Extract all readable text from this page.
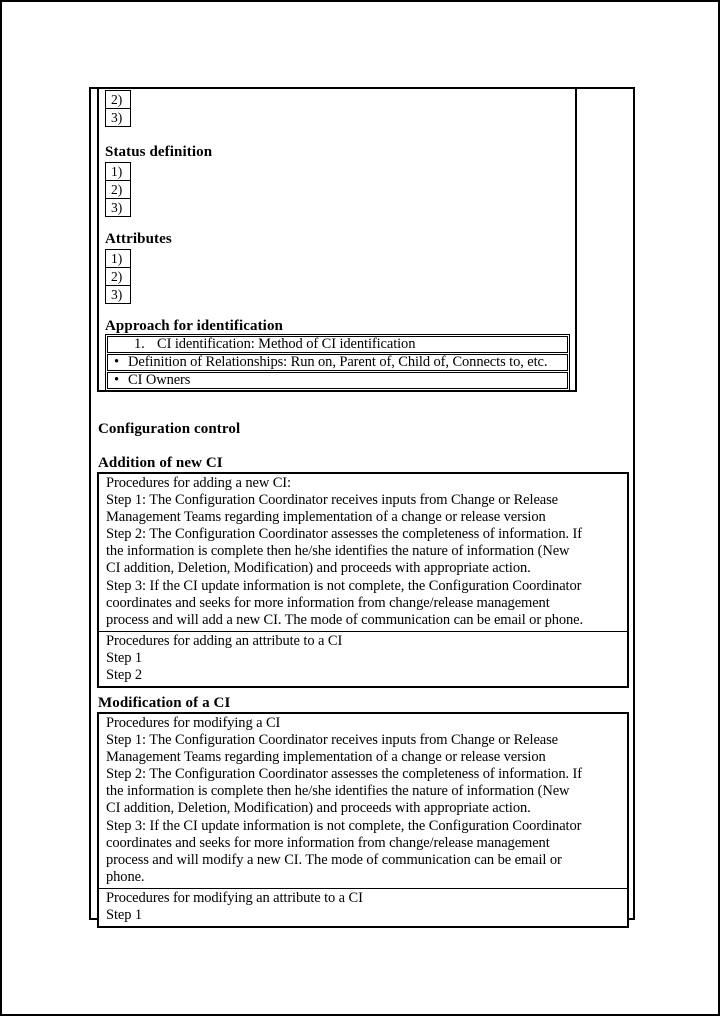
2)
3)
Status definition
1)
2)
3)
Attributes
1)
2)
3)
Approach for identification
1. CI identification: Method of CI identification
• Definition of Relationships: Run on, Parent of, Child of, Connects to, etc.
• CI Owners
Configuration control
Addition of new CI
Procedures for adding a new CI:
Step 1: The Configuration Coordinator receives inputs from Change or Release
Management Teams regarding implementation of a change or release version
Step 2: The Configuration Coordinator assesses the completeness of information. If
the information is complete then he/she identifies the nature of information (New
CI addition, Deletion, Modification) and proceeds with appropriate action.
Step 3: If the CI update information is not complete, the Configuration Coordinator
coordinates and seeks for more information from change/release management
process and will add a new CI. The mode of communication can be email or phone.
Procedures for adding an attribute to a CI
Step 1
Step 2
Modification of a CI
Procedures for modifying a CI
Step 1: The Configuration Coordinator receives inputs from Change or Release
Management Teams regarding implementation of a change or release version
Step 2: The Configuration Coordinator assesses the completeness of information. If
the information is complete then he/she identifies the nature of information (New
CI addition, Deletion, Modification) and proceeds with appropriate action.
Step 3: If the CI update information is not complete, the Configuration Coordinator
coordinates and seeks for more information from change/release management
process and will modify a new CI. The mode of communication can be email or
phone.
Procedures for modifying an attribute to a CI
Step 1
